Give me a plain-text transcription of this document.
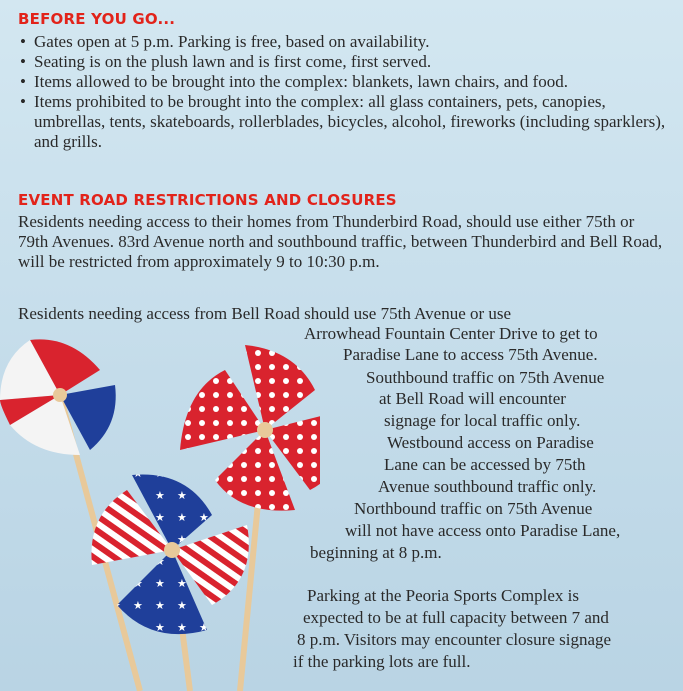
BEFORE YOU GO...
• Gates open at 5 p.m. Parking is free, based on availability.
• Seating is on the plush lawn and is first come, first served.
• Items allowed to be brought into the complex: blankets, lawn chairs, and food.
• Items prohibited to be brought into the complex: all glass containers, pets, canopies, umbrellas, tents, skateboards, rollerblades, bicycles, alcohol, fireworks (including sparklers), and grills.
EVENT ROAD RESTRICTIONS AND CLOSURES

Residents needing access to their homes from Thunderbird Road, should use either 75th or 79th Avenues. 83rd Avenue north and southbound traffic, between Thunderbird and Bell Road, will be restricted from approximately 9 to 10:30 p.m.

Residents needing access from Bell Road should use 75th Avenue or use

Arrowhead Fountain Center Drive to get to

Paradise Lane to access 75th Avenue.

Southbound traffic on 75th Avenue

at Bell Road will encounter

signage for local traffic only.

Westbound access on Paradise

Lane can be accessed by 75th

Avenue southbound traffic only.

Northbound traffic on 75th Avenue

will not have access onto Paradise Lane,

beginning at 8 p.m.

Parking at the Peoria Sports Complex is

expected to be at full capacity between 7 and

8 p.m. Visitors may encounter closure signage

if the parking lots are full.
